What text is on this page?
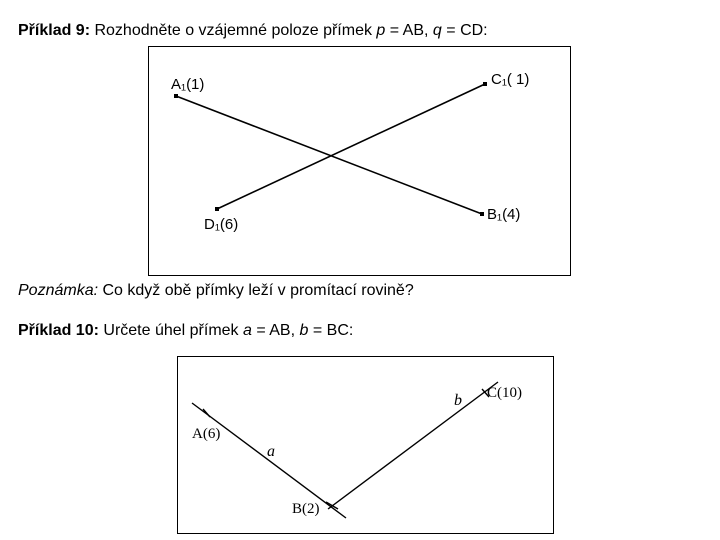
Příklad 9: Rozhodněte o vzájemné poloze přímek p = AB, q = CD:
A₁(1)
B₁(4)
C₁( 1)
D₁(6)
Poznámka: Co když obě přímky leží v promítací rovině?
Příklad 10: Určete úhel přímek a = AB, b = BC:
A(6)
B(2)
C(10)
a
b
